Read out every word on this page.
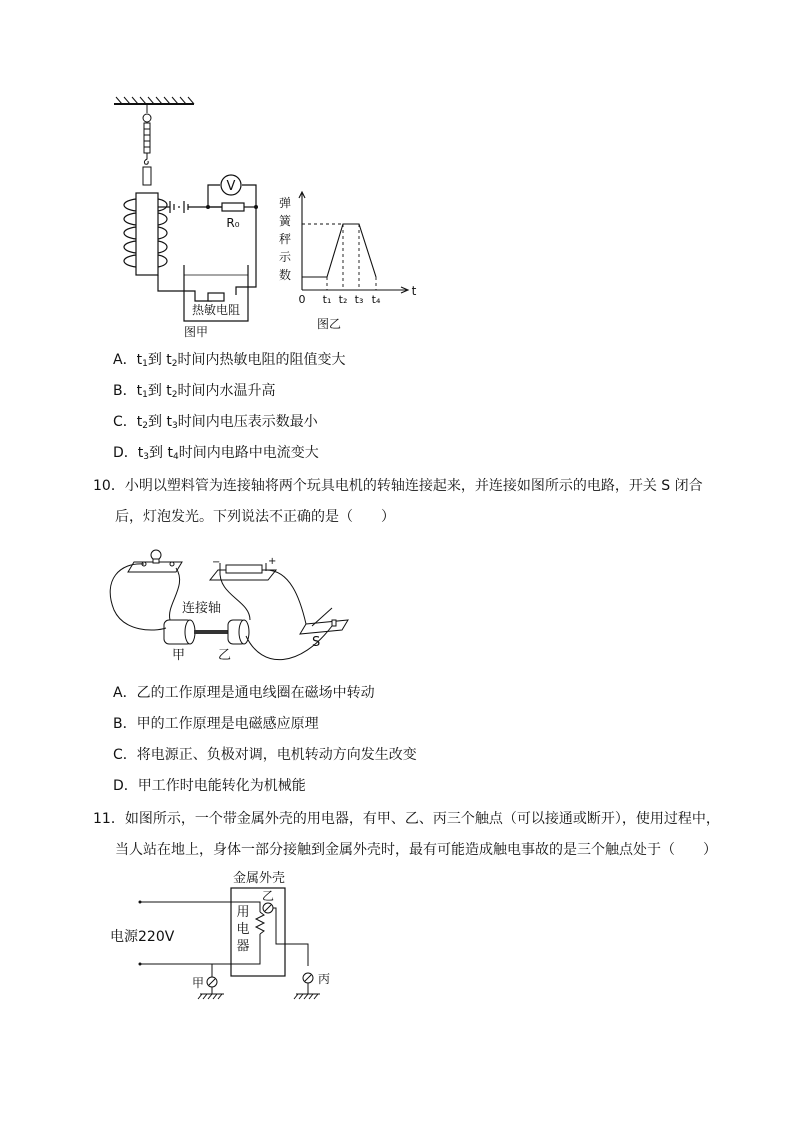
V
R₀
热敏电阻
图甲
弹
簧
秤
示
数
0 t₁ t₂ t₃ t₄
t
图乙
A．$t_1$到 $t_2$时间内热敏电阻的阻值变大
B．$t_1$到 $t_2$时间内水温升高
C．$t_2$到 $t_3$时间内电压表示数最小
D．$t_3$到 $t_4$时间内电路中电流变大
10．小明以塑料管为连接轴将两个玩具电机的转轴连接起来，并连接如图所示的电路，开关 S 闭合
后，灯泡发光。下列说法不正确的是（　　）
−	+
S
连接轴
甲	乙
A．乙的工作原理是通电线圈在磁场中转动
B．甲的工作原理是电磁感应原理
C．将电源正、负极对调，电机转动方向发生改变
D．甲工作时电能转化为机械能
11．如图所示，一个带金属外壳的用电器，有甲、乙、丙三个触点（可以接通或断开），使用过程中，
当人站在地上，身体一部分接触到金属外壳时，最有可能造成触电事故的是三个触点处于（　　）
金属外壳
电源220V
用
电
器
乙
甲	丙
